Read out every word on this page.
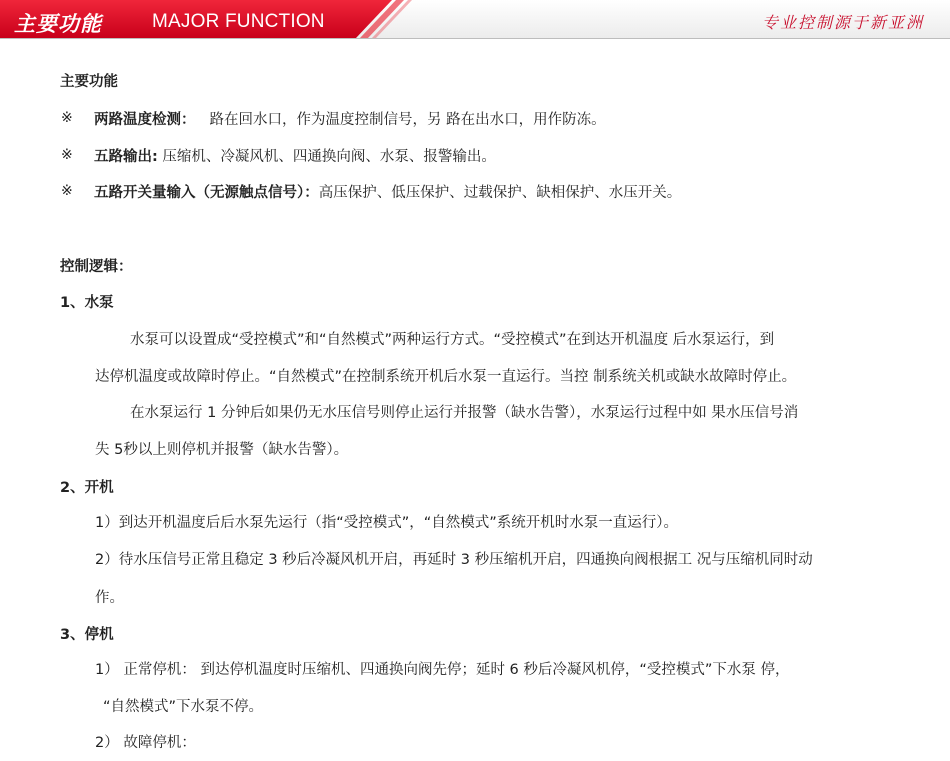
主要功能	MAJOR FUNCTION	专业控制源于新亚洲
主要功能
※ 两路温度检测： 路在回水口，作为温度控制信号，另 路在出水口，用作防冻。
※ 五路输出: 压缩机、冷凝风机、四通换向阀、水泵、报警输出。
※ 五路开关量输入（无源触点信号）：高压保护、低压保护、过载保护、缺相保护、水压开关。
控制逻辑：
1、水泵
水泵可以设置成“受控模式”和“自然模式”两种运行方式。“受控模式”在到达开机温度 后水泵运行，到
达停机温度或故障时停止。“自然模式”在控制系统开机后水泵一直运行。当控 制系统关机或缺水故障时停止。
在水泵运行 1 分钟后如果仍无水压信号则停止运行并报警（缺水告警），水泵运行过程中如 果水压信号消
失 5秒以上则停机并报警（缺水告警）。
2、开机
1）到达开机温度后后水泵先运行（指“受控模式”，“自然模式”系统开机时水泵一直运行）。
2）待水压信号正常且稳定 3 秒后冷凝风机开启，再延时 3 秒压缩机开启，四通换向阀根据工 况与压缩机同时动
作。
3、停机
1） 正常停机： 到达停机温度时压缩机、四通换向阀先停；延时 6 秒后冷凝风机停，“受控模式”下水泵 停，
“自然模式”下水泵不停。
2） 故障停机：
